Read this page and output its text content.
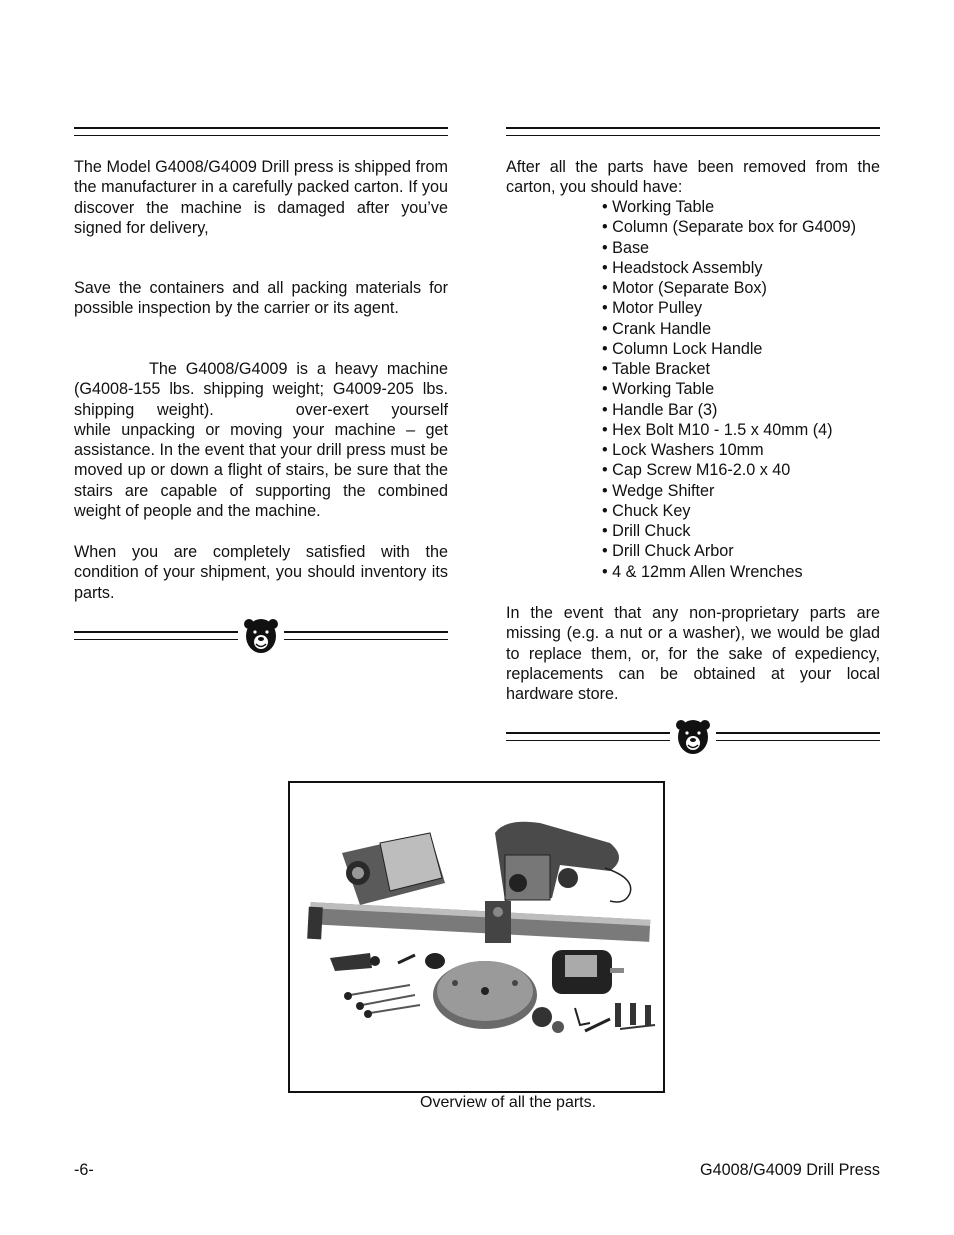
The Model G4008/G4009 Drill press is shipped from the manufacturer in a carefully packed carton. If you discover the machine is damaged after you’ve signed for delivery,

Save the containers and all packing materials for possible inspection by the carrier or its agent.

The G4008/G4009 is a heavy machine (G4008-155 lbs. shipping weight; G4009-205 lbs. shipping weight).	over-exert yourself while unpacking or moving your machine – get assistance. In the event that your drill press must be moved up or down a flight of stairs, be sure that the stairs are capable of supporting the combined weight of people and the machine.

When you are completely satisfied with the condition of your shipment, you should inventory its parts.

After all the parts have been removed from the carton, you should have:

• Working Table
• Column (Separate box for G4009)
• Base
• Headstock Assembly
• Motor (Separate Box)
• Motor Pulley
• Crank Handle
• Column Lock Handle
• Table Bracket
• Working Table
• Handle Bar (3)
• Hex Bolt M10 - 1.5 x 40mm (4)
• Lock Washers 10mm
• Cap Screw M16-2.0 x 40
• Wedge Shifter
• Chuck Key
• Drill Chuck
• Drill Chuck Arbor
• 4 & 12mm Allen Wrenches

In the event that any non-proprietary parts are missing (e.g. a nut or a washer), we would be glad to replace them, or, for the sake of expediency, replacements can be obtained at your local hardware store.

Overview of all the parts.
-6-	G4008/G4009 Drill Press
